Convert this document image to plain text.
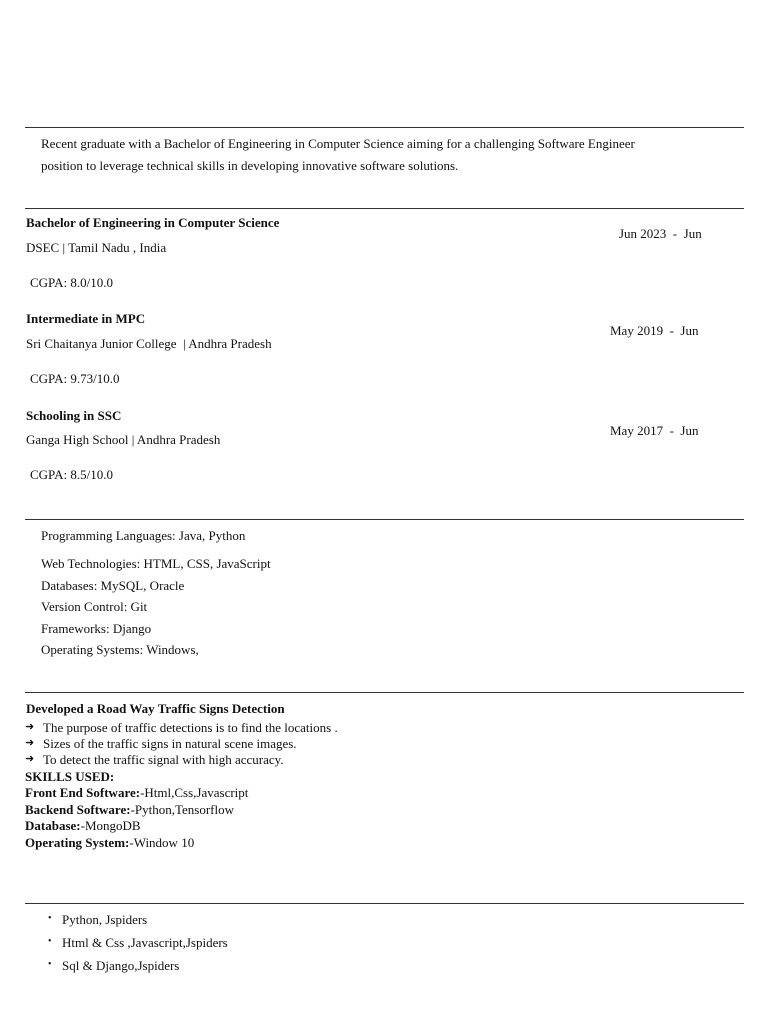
Recent graduate with a Bachelor of Engineering in Computer Science aiming for a challenging Software Engineer
position to leverage technical skills in developing innovative software solutions.
Bachelor of Engineering in Computer Science
DSEC | Tamil Nadu , India
CGPA: 8.0/10.0
Jun 2023  -  Jun
Intermediate in MPC
Sri Chaitanya Junior College  | Andhra Pradesh
CGPA: 9.73/10.0
May 2019  -  Jun
Schooling in SSC
Ganga High School | Andhra Pradesh
CGPA: 8.5/10.0
May 2017  -  Jun
Programming Languages: Java, Python
Web Technologies: HTML, CSS, JavaScript
Databases: MySQL, Oracle
Version Control: Git
Frameworks: Django
Operating Systems: Windows,
Developed a Road Way Traffic Signs Detection
➜ The purpose of traffic detections is to find the locations .
➜ Sizes of the traffic signs in natural scene images.
➜ To detect the traffic signal with high accuracy.
SKILLS USED:
Front End Software:-Html,Css,Javascript
Backend Software:-Python,Tensorflow
Database:-MongoDB
Operating System:-Window 10
• Python, Jspiders
• Html & Css ,Javascript,Jspiders
• Sql & Django,Jspiders
